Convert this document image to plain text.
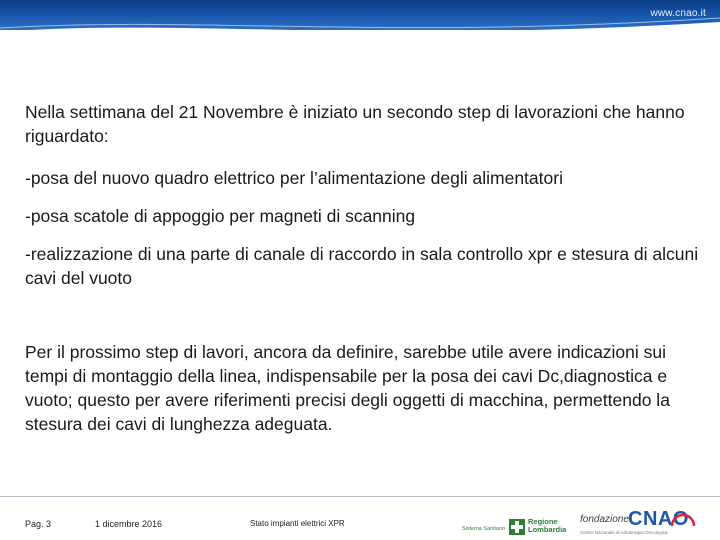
www.cnao.it

Nella settimana del 21 Novembre è iniziato un secondo step di lavorazioni che hanno riguardato:

-posa del nuovo quadro elettrico per l’alimentazione degli alimentatori

-posa scatole di appoggio per magneti di scanning

-realizzazione di una parte di canale di raccordo in sala controllo xpr e stesura di alcuni cavi del vuoto

Per il prossimo step di lavori, ancora da definire, sarebbe utile avere indicazioni sui tempi di montaggio della linea, indispensabile per la posa dei cavi Dc,diagnostica e vuoto; questo per avere riferimenti precisi degli oggetti di macchina, permettendo la stesura dei cavi di lunghezza adeguata.

Pag. 3	1 dicembre 2016	Stato impianti elettrici XPR
Sistema Sanitario
Regione
Lombardia
fondazione CNAO
Centro Nazionale di Adroterapia Oncologica
